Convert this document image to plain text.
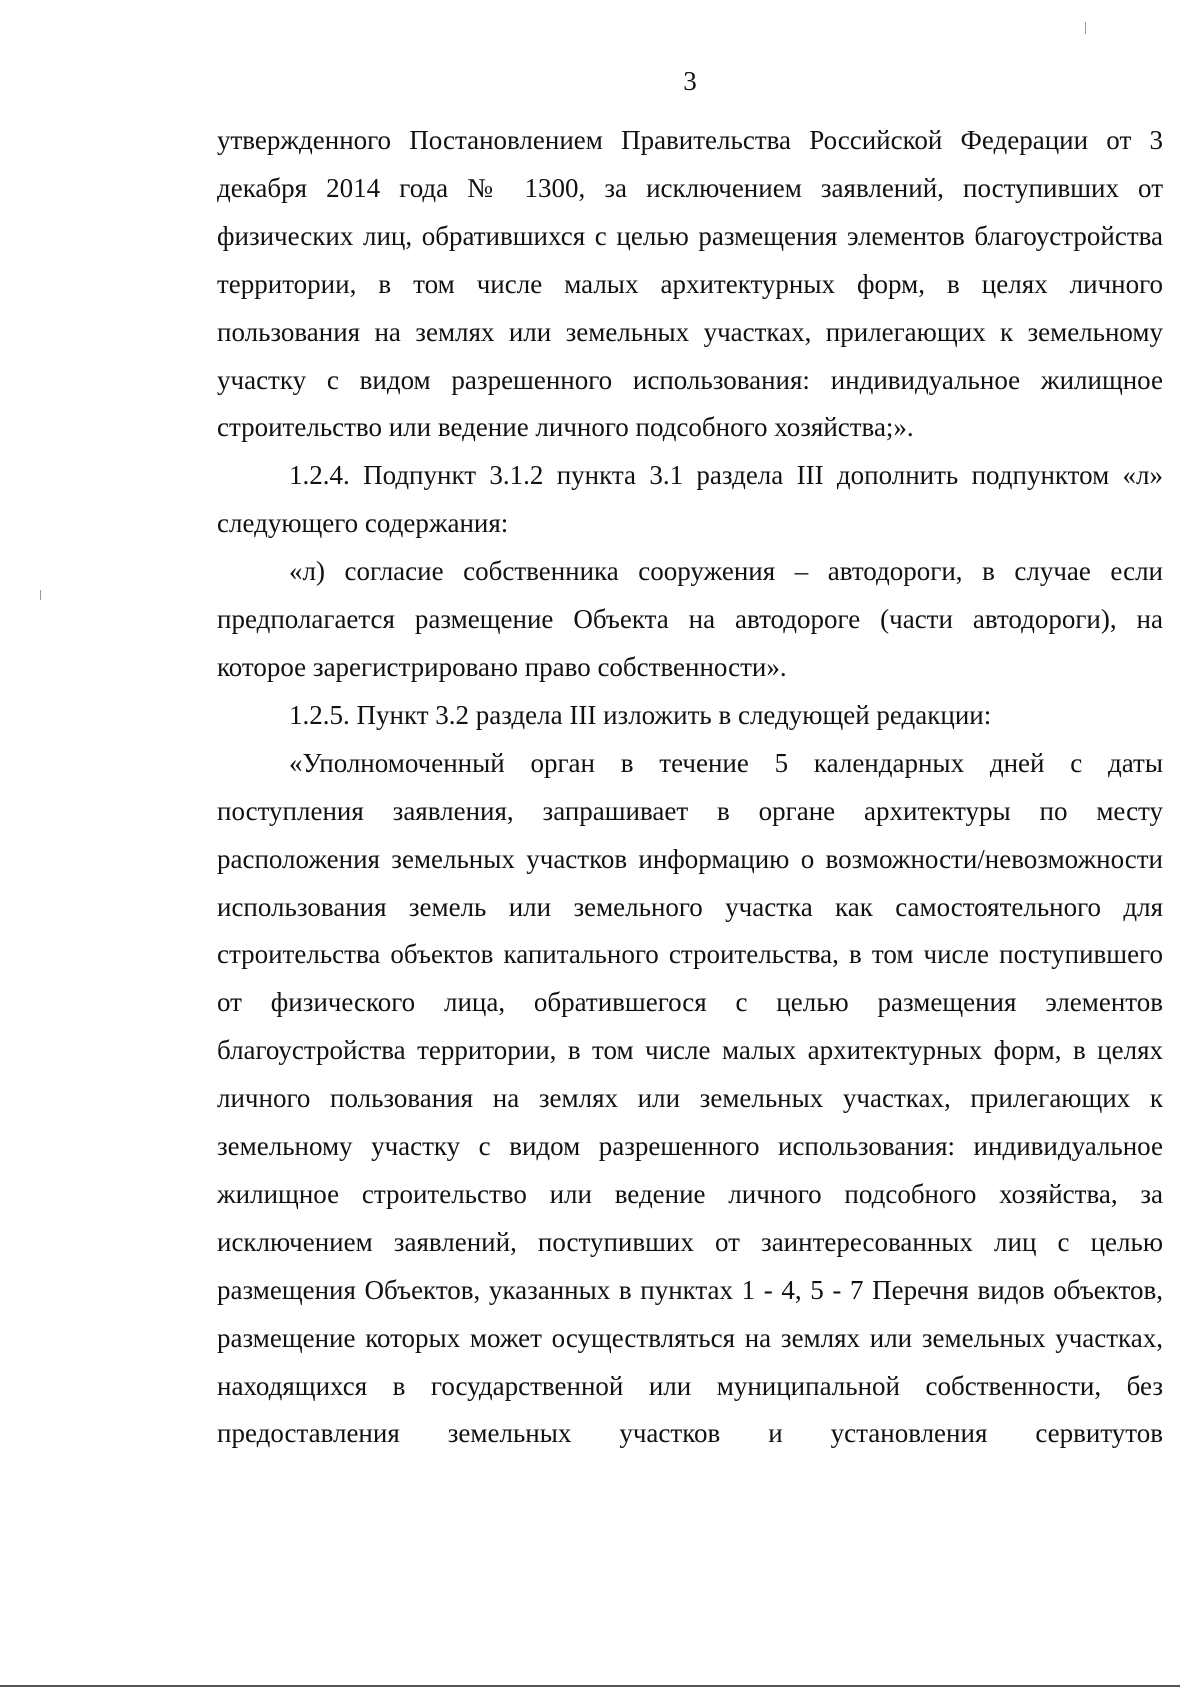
3

утвержденного Постановлением Правительства Российской Федерации от 3 декабря 2014 года № 1300, за исключением заявлений, поступивших от физических лиц, обратившихся с целью размещения элементов благоустройства территории, в том числе малых архитектурных форм, в целях личного пользования на землях или земельных участках, прилегающих к земельному участку с видом разрешенного использования: индивидуальное жилищное строительство или ведение личного подсобного хозяйства;».

1.2.4. Подпункт 3.1.2 пункта 3.1 раздела III дополнить подпунктом «л» следующего содержания:

«л) согласие собственника сооружения – автодороги, в случае если предполагается размещение Объекта на автодороге (части автодороги), на которое зарегистрировано право собственности».

1.2.5. Пункт 3.2 раздела III изложить в следующей редакции:

«Уполномоченный орган в течение 5 календарных дней с даты поступления заявления, запрашивает в органе архитектуры по месту расположения земельных участков информацию о возможности/невозможности использования земель или земельного участка как самостоятельного для строительства объектов капитального строительства, в том числе поступившего от физического лица, обратившегося с целью размещения элементов благоустройства территории, в том числе малых архитектурных форм, в целях личного пользования на землях или земельных участках, прилегающих к земельному участку с видом разрешенного использования: индивидуальное жилищное строительство или ведение личного подсобного хозяйства, за исключением заявлений, поступивших от заинтересованных лиц с целью размещения Объектов, указанных в пунктах 1 - 4, 5 - 7 Перечня видов объектов, размещение которых может осуществляться на землях или земельных участках, находящихся в государственной или муниципальной собственности, без предоставления земельных участков и установления сервитутов
